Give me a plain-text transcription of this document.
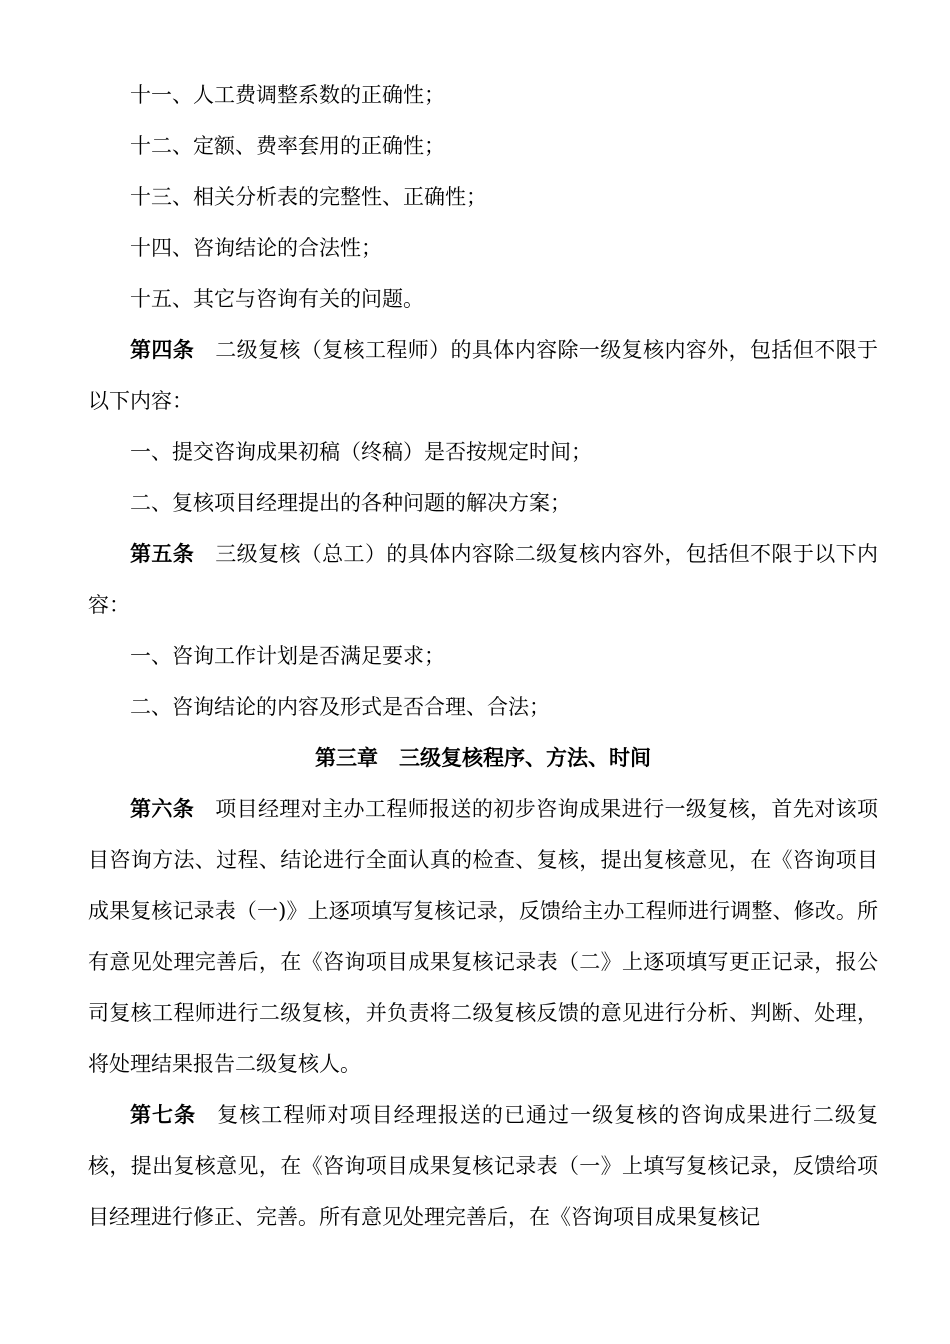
十一、人工费调整系数的正确性；

十二、定额、费率套用的正确性；

十三、相关分析表的完整性、正确性；

十四、咨询结论的合法性；

十五、其它与咨询有关的问题。

第四条 二级复核（复核工程师）的具体内容除一级复核内容外，包括但不限于以下内容：

一、提交咨询成果初稿（终稿）是否按规定时间；

二、复核项目经理提出的各种问题的解决方案；

第五条 三级复核（总工）的具体内容除二级复核内容外，包括但不限于以下内容：

一、咨询工作计划是否满足要求；

二、咨询结论的内容及形式是否合理、合法；

第三章 三级复核程序、方法、时间

第六条 项目经理对主办工程师报送的初步咨询成果进行一级复核，首先对该项目咨询方法、过程、结论进行全面认真的检查、复核，提出复核意见，在《咨询项目成果复核记录表（一)》上逐项填写复核记录，反馈给主办工程师进行调整、修改。所有意见处理完善后，在《咨询项目成果复核记录表（二》上逐项填写更正记录，报公司复核工程师进行二级复核，并负责将二级复核反馈的意见进行分析、判断、处理，将处理结果报告二级复核人。

第七条 复核工程师对项目经理报送的已通过一级复核的咨询成果进行二级复核，提出复核意见，在《咨询项目成果复核记录表（一》上填写复核记录，反馈给项目经理进行修正、完善。所有意见处理完善后，在《咨询项目成果复核记
